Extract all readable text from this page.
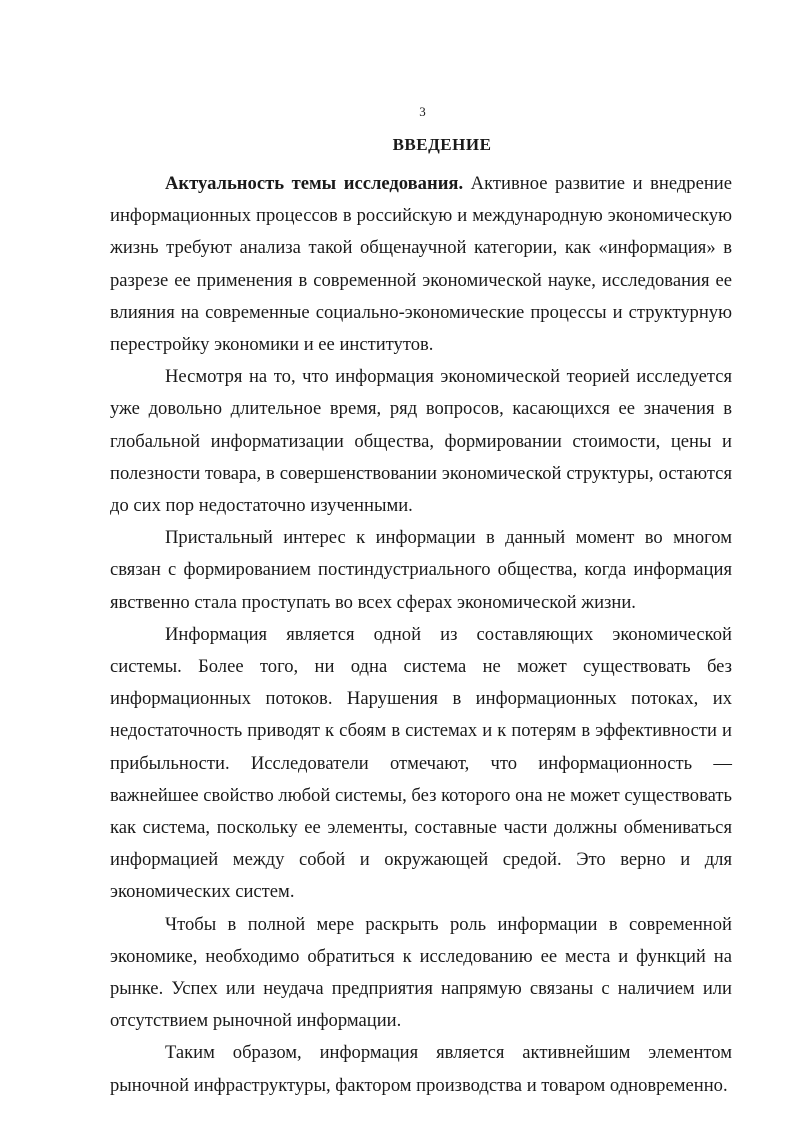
3
ВВЕДЕНИЕ

Актуальность темы исследования. Активное развитие и внедрение информационных процессов в российскую и международную экономическую жизнь требуют анализа такой общенаучной категории, как «информация» в разрезе ее применения в современной экономической науке, исследования ее влияния на современные социально-экономические процессы и структурную перестройку экономики и ее институтов.

Несмотря на то, что информация экономической теорией исследуется уже довольно длительное время, ряд вопросов, касающихся ее значения в глобальной информатизации общества, формировании стоимости, цены и полезности товара, в совершенствовании экономической структуры, остаются до сих пор недостаточно изученными.

Пристальный интерес к информации в данный момент во многом связан с формированием постиндустриального общества, когда информация явственно стала проступать во всех сферах экономической жизни.

Информация является одной из составляющих экономической системы. Более того, ни одна система не может существовать без информационных потоков. Нарушения в информационных потоках, их недостаточность приводят к сбоям в системах и к потерям в эффективности и прибыльности. Исследователи отмечают, что информационность — важнейшее свойство любой системы, без которого она не может существовать как система, поскольку ее элементы, составные части должны обмениваться информацией между собой и окружающей средой. Это верно и для экономических систем.

Чтобы в полной мере раскрыть роль информации в современной экономике, необходимо обратиться к исследованию ее места и функций на рынке. Успех или неудача предприятия напрямую связаны с наличием или отсутствием рыночной информации.

Таким образом, информация является активнейшим элементом рыночной инфраструктуры, фактором производства и товаром одновременно.
